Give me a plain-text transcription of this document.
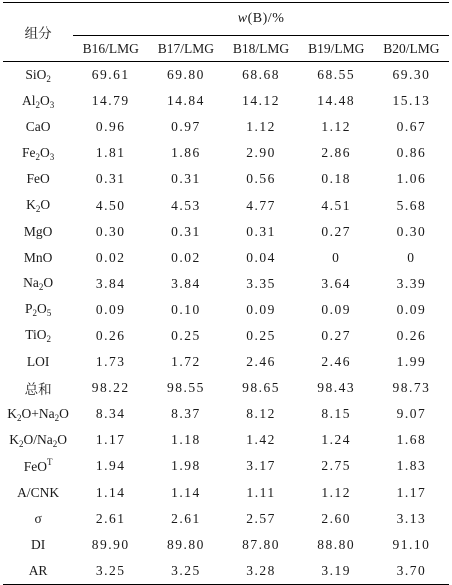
组分	w(B)/%				
	B16/LMG	B17/LMG	B18/LMG	B19/LMG	B20/LMG
SiO$_2$	69.61	69.80	68.68	68.55	69.30
$Al_2O_3$	14.79	14.84	14.12	14.48	15.13
CaO	0.96	0.97	1.12	1.12	0.67
$Fe_2O_3$	1.81	1.86	2.90	2.86	0.86
FeO	0.31	0.31	0.56	0.18	1.06
$K_2O$	4.50	4.53	4.77	4.51	5.68
MgO	0.30	0.31	0.31	0.27	0.30
MnO	0.02	0.02	0.04	0	0
$Na_2O$	3.84	3.84	3.35	3.64	3.39
$P_2O_5$	0.09	0.10	0.09	0.09	0.09
TiO$_2$	0.26	0.25	0.25	0.27	0.26
LOI	1.73	1.72	2.46	2.46	1.99
总和	98.22	98.55	98.65	98.43	98.73
$K_2O+Na_2O$	8.34	8.37	8.12	8.15	9.07
$K_2O/Na_2O$	1.17	1.18	1.42	1.24	1.68
FeO$^T$	1.94	1.98	3.17	2.75	1.83
A/CNK	1.14	1.14	1.11	1.12	1.17
σ	2.61	2.61	2.57	2.60	3.13
DI	89.90	89.80	87.80	88.80	91.10
AR	3.25	3.25	3.28	3.19	3.70
